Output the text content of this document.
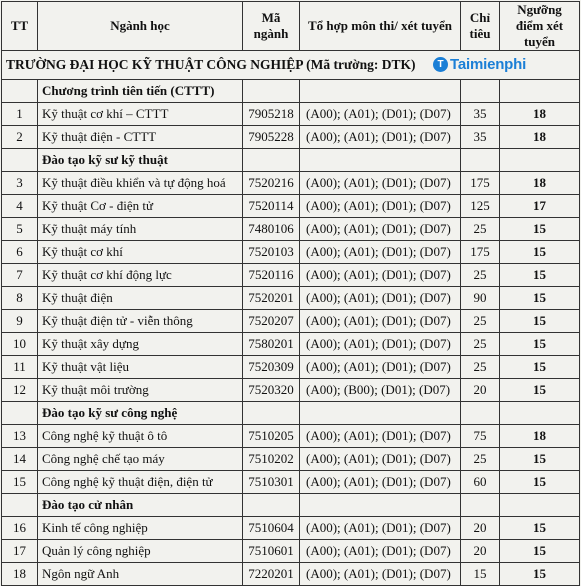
TT	Ngành học	Mã ngành	Tổ hợp môn thi/ xét tuyển	Chỉ tiêu	Ngưỡng điểm xét tuyển
TRƯỜNG ĐẠI HỌC KỸ THUẬT CÔNG NGHIỆP (Mã trường: DTK)					
	Chương trình tiên tiến (CTTT)				
1	Kỹ thuật cơ khí – CTTT	7905218	(A00); (A01); (D01); (D07)	35	18
2	Kỹ thuật điện - CTTT	7905228	(A00); (A01); (D01); (D07)	35	18
	Đào tạo kỹ sư kỹ thuật				
3	Kỹ thuật điều khiển và tự động hoá	7520216	(A00); (A01); (D01); (D07)	175	18
4	Kỹ thuật Cơ - điện tử	7520114	(A00); (A01); (D01); (D07)	125	17
5	Kỹ thuật máy tính	7480106	(A00); (A01); (D01); (D07)	25	15
6	Kỹ thuật cơ khí	7520103	(A00); (A01); (D01); (D07)	175	15
7	Kỹ thuật cơ khí động lực	7520116	(A00); (A01); (D01); (D07)	25	15
8	Kỹ thuật điện	7520201	(A00); (A01); (D01); (D07)	90	15
9	Kỹ thuật điện tử - viễn thông	7520207	(A00); (A01); (D01); (D07)	25	15
10	Kỹ thuật xây dựng	7580201	(A00); (A01); (D01); (D07)	25	15
11	Kỹ thuật vật liệu	7520309	(A00); (A01); (D01); (D07)	25	15
12	Kỹ thuật môi trường	7520320	(A00); (B00); (D01); (D07)	20	15
	Đào tạo kỹ sư công nghệ				
13	Công nghệ kỹ thuật ô tô	7510205	(A00); (A01); (D01); (D07)	75	18
14	Công nghệ chế tạo máy	7510202	(A00); (A01); (D01); (D07)	25	15
15	Công nghệ kỹ thuật điện, điện tử	7510301	(A00); (A01); (D01); (D07)	60	15
	Đào tạo cử nhân				
16	Kinh tế công nghiệp	7510604	(A00); (A01); (D01); (D07)	20	15
17	Quản lý công nghiệp	7510601	(A00); (A01); (D01); (D07)	20	15
18	Ngôn ngữ Anh	7220201	(A00); (A01); (D01); (D07)	15	15
T Taimienphi
